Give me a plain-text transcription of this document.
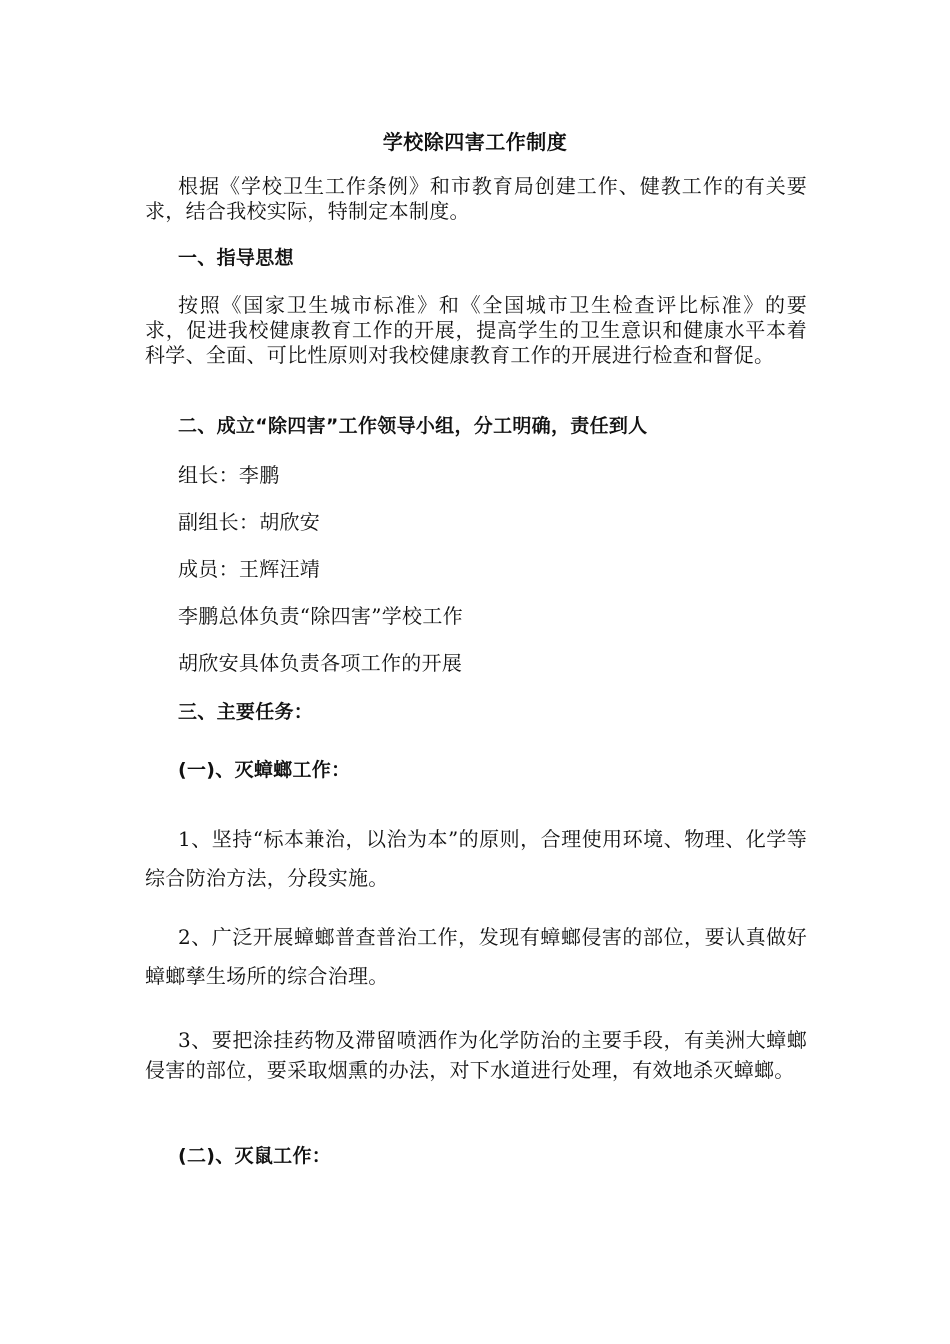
学校除四害工作制度
根据《学校卫生工作条例》和市教育局创建工作、健教工作的有关要求，结合我校实际，特制定本制度。
一、指导思想
按照《国家卫生城市标准》和《全国城市卫生检查评比标准》的要求，促进我校健康教育工作的开展，提高学生的卫生意识和健康水平本着科学、全面、可比性原则对我校健康教育工作的开展进行检查和督促。
二、成立“除四害”工作领导小组，分工明确，责任到人
组长：李鹏
副组长：胡欣安
成员：王辉汪靖
李鹏总体负责“除四害”学校工作
胡欣安具体负责各项工作的开展
三、主要任务：
(一)、灭蟑螂工作：
1、坚持“标本兼治，以治为本”的原则，合理使用环境、物理、化学等综合防治方法，分段实施。
2、广泛开展蟑螂普查普治工作，发现有蟑螂侵害的部位，要认真做好蟑螂孳生场所的综合治理。
3、要把涂挂药物及滞留喷洒作为化学防治的主要手段，有美洲大蟑螂侵害的部位，要采取烟熏的办法，对下水道进行处理，有效地杀灭蟑螂。
(二)、灭鼠工作：
